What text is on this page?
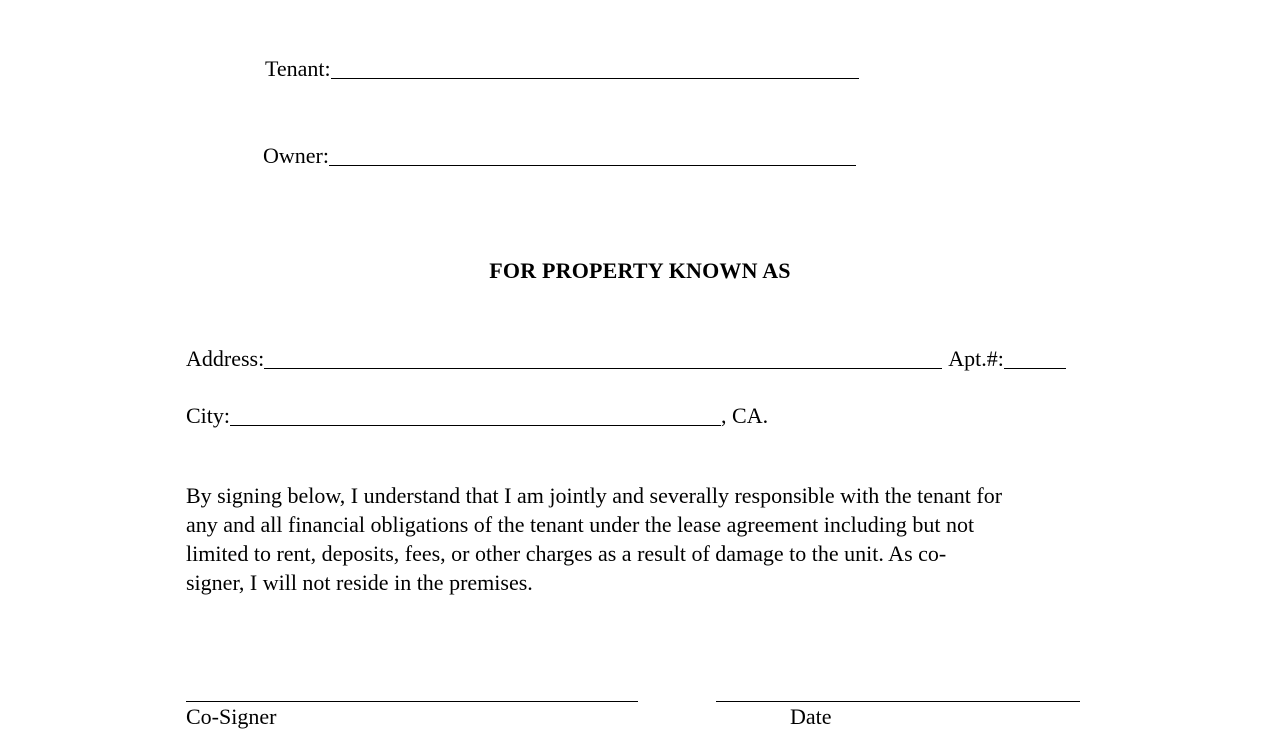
Tenant:
Owner:
FOR PROPERTY KNOWN AS
Address:	Apt.#:
City:	, CA.
By signing below, I understand that I am jointly and severally responsible with the tenant for
any and all financial obligations of the tenant under the lease agreement including but not
limited to rent, deposits, fees, or other charges as a result of damage to the unit. As co-
signer, I will not reside in the premises.
Co-Signer	Date
